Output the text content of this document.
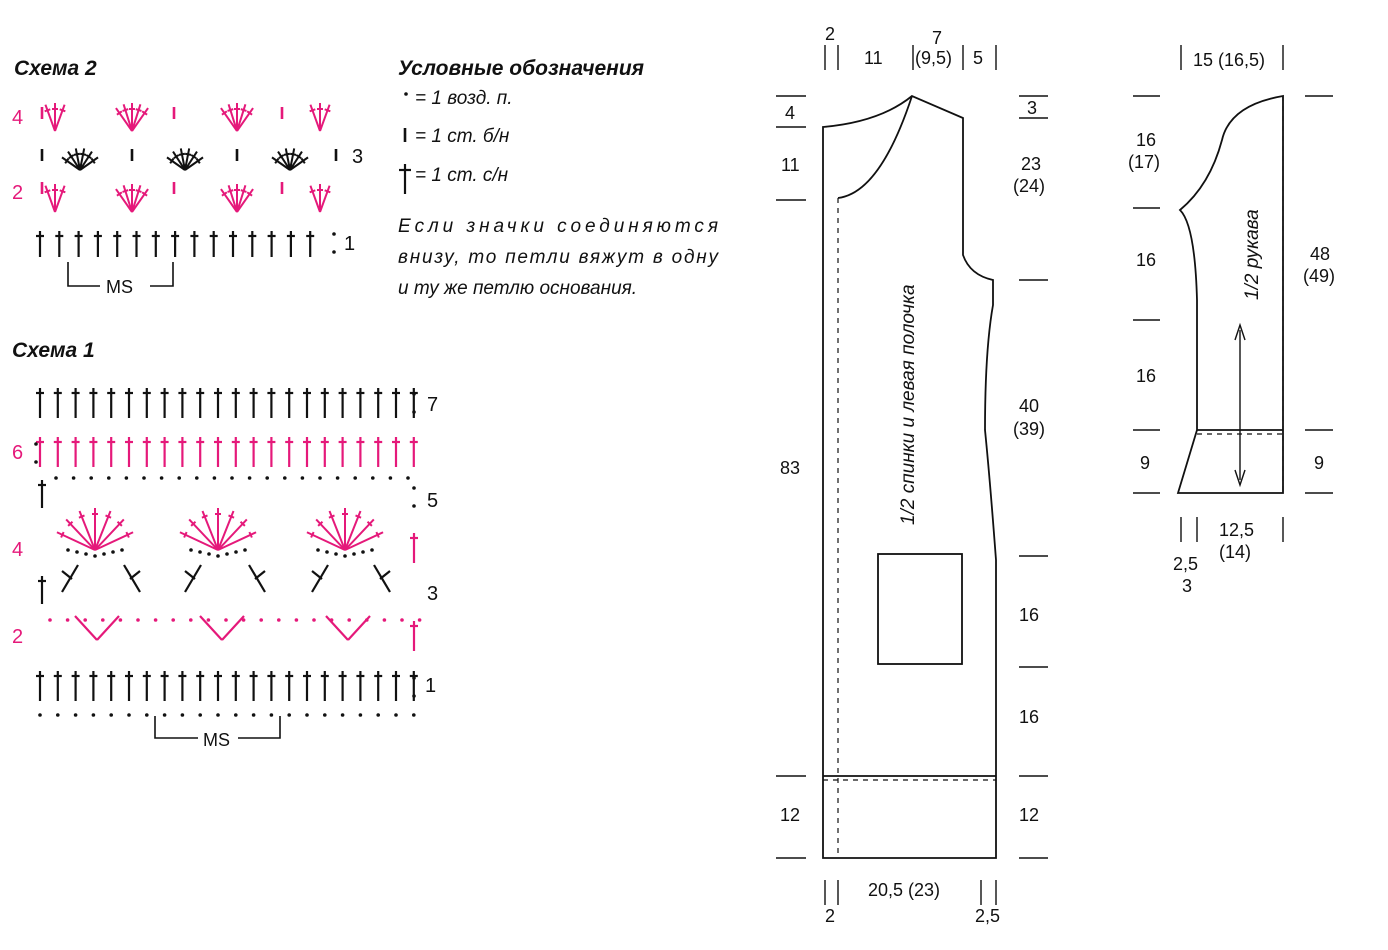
Схема 2
4
3
2
1
MS
Схема 1
7
6
5
4
3
2
1
MS
Условные обозначения
= 1 возд. п.
= 1 ст. б/н
= 1 ст. с/н
Если значки соединяются
внизу, то петли вяжут в одну
и ту же петлю основания.
2
11
7
(9,5) 5
4
11
83
12
3
23
(24)
40
(39)
16
16
12
2
20,5 (23)
2,5
1/2 спинки и левая полочка
15 (16,5)
16
(17)
16
16
9
48
(49)
9
2,5
3
12,5
(14)
1/2 рукава
